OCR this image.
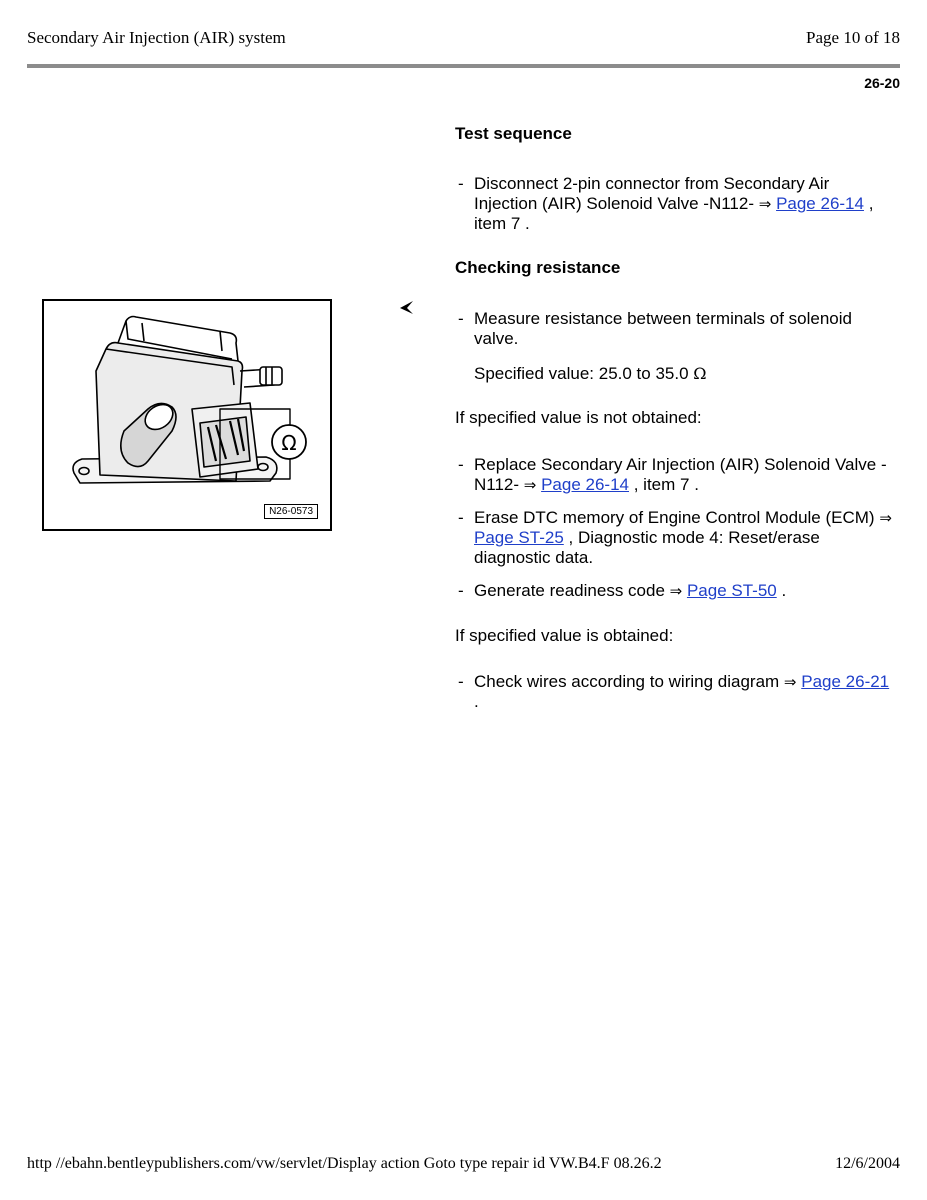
Secondary Air Injection (AIR) system	Page 10 of 18
26-20
Test sequence
- Disconnect 2-pin connector from Secondary Air Injection (AIR) Solenoid Valve -N112- ⇒ Page 26-14 , item 7 .
Checking resistance
- Measure resistance between terminals of solenoid valve.
Specified value: 25.0 to 35.0 Ω
If specified value is not obtained:
- Replace Secondary Air Injection (AIR) Solenoid Valve -N112- ⇒ Page 26-14 , item 7 .
- Erase DTC memory of Engine Control Module (ECM) ⇒ Page ST-25 , Diagnostic mode 4: Reset/erase diagnostic data.
- Generate readiness code ⇒ Page ST-50 .
If specified value is obtained:
- Check wires according to wiring diagram ⇒ Page 26-21 .
Ω
N26-0573
http //ebahn.bentleypublishers.com/vw/servlet/Display action Goto type repair id VW.B4.F 08.26.2	12/6/2004
